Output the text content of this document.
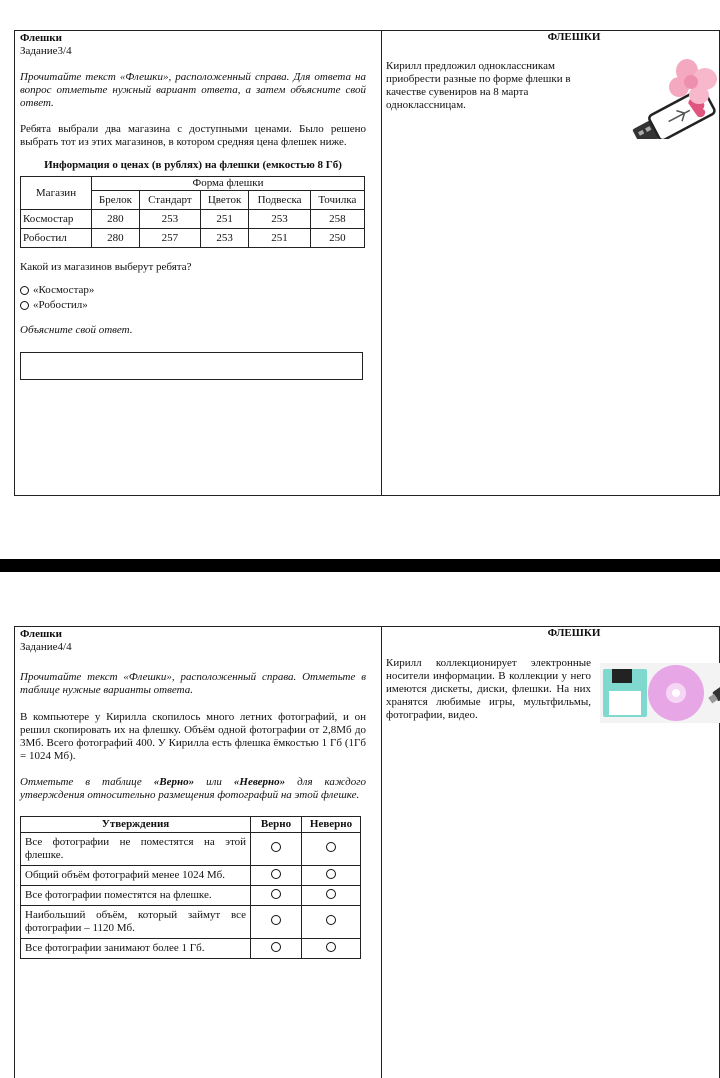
Флешки
Задание3/4

Прочитайте текст «Флешки», расположенный справа. Для ответа на вопрос отметьте нужный вариант ответа, а затем объясните свой ответ.

Ребята выбрали два магазина с доступными ценами. Было решено выбрать тот из этих магазинов, в котором средняя цена флешек ниже.

Информация о ценах (в рублях) на флешки (емкостью 8 Гб)
Магазин	Форма флешки				
	Брелок	Стандарт	Цветок	Подвеска	Точилка
Космостар	280	253	251	253	258
Робостил	280	257	253	251	250

Какой из магазинов выберут ребята?

«Космостар»
«Робостил»

Объясните свой ответ.

ФЛЕШКИ

Кирилл предложил одноклассникам приобрести разные по форме флешки в качестве сувениров на 8 марта одноклассницам.

Флешки
Задание4/4

Прочитайте текст «Флешки», расположенный справа. Отметьте в таблице нужные варианты ответа.

В компьютере у Кирилла скопилось много летних фотографий, и он решил скопировать их на флешку. Объём одной фотографии от 2,8Мб до 3Мб. Всего фотографий 400. У Кирилла есть флешка ёмкостью 1 Гб (1Гб = 1024 Мб).

Отметьте в таблице «Верно» или «Неверно» для каждого утверждения относительно размещения фотографий на этой флешке.

Утверждения	Верно	Неверно
Все фотографии не поместятся на этой флешке.		
Общий объём фотографий менее 1024 Мб.		
Все фотографии поместятся на флешке.		
Наибольший объём, который займут все фотографии – 1120 Мб.		
Все фотографии занимают более 1 Гб.		
ФЛЕШКИ

Кирилл коллекционирует электронные носители информации. В коллекции у него имеются дискеты, диски, флешки. На них хранятся любимые игры, мультфильмы, фотографии, видео.
